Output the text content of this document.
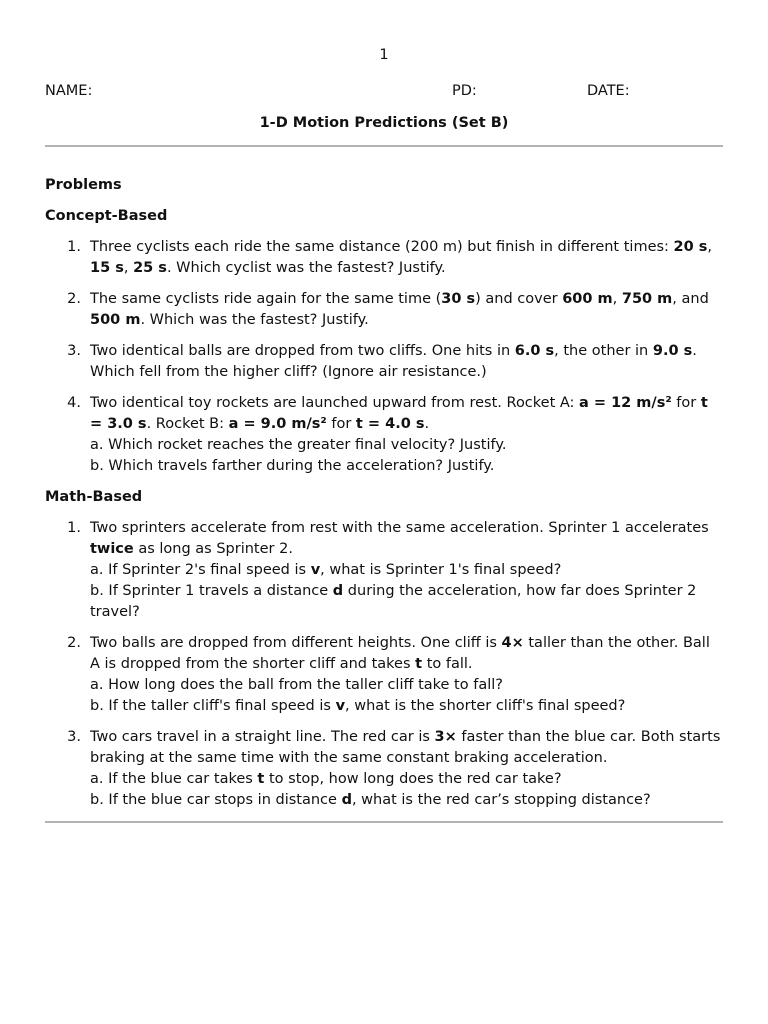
1
NAME:	PD:	DATE:
1-D Motion Predictions (Set B)
Problems
Concept-Based
1. Three cyclists each ride the same distance (200 m) but finish in different times: 20 s, 15 s, 25 s. Which cyclist was the fastest? Justify.
2. The same cyclists ride again for the same time (30 s) and cover 600 m, 750 m, and 500 m. Which was the fastest? Justify.
3. Two identical balls are dropped from two cliffs. One hits in 6.0 s, the other in 9.0 s. Which fell from the higher cliff? (Ignore air resistance.)
4. Two identical toy rockets are launched upward from rest. Rocket A: a = 12 m/s² for t = 3.0 s. Rocket B: a = 9.0 m/s² for t = 4.0 s.
a. Which rocket reaches the greater final velocity? Justify.
b. Which travels farther during the acceleration? Justify.
Math-Based
1. Two sprinters accelerate from rest with the same acceleration. Sprinter 1 accelerates twice as long as Sprinter 2.
a. If Sprinter 2's final speed is v, what is Sprinter 1's final speed?
b. If Sprinter 1 travels a distance d during the acceleration, how far does Sprinter 2 travel?
2. Two balls are dropped from different heights. One cliff is 4× taller than the other. Ball A is dropped from the shorter cliff and takes t to fall.
a. How long does the ball from the taller cliff take to fall?
b. If the taller cliff's final speed is v, what is the shorter cliff's final speed?
3. Two cars travel in a straight line. The red car is 3× faster than the blue car. Both starts braking at the same time with the same constant braking acceleration.
a. If the blue car takes t to stop, how long does the red car take?
b. If the blue car stops in distance d, what is the red car’s stopping distance?
